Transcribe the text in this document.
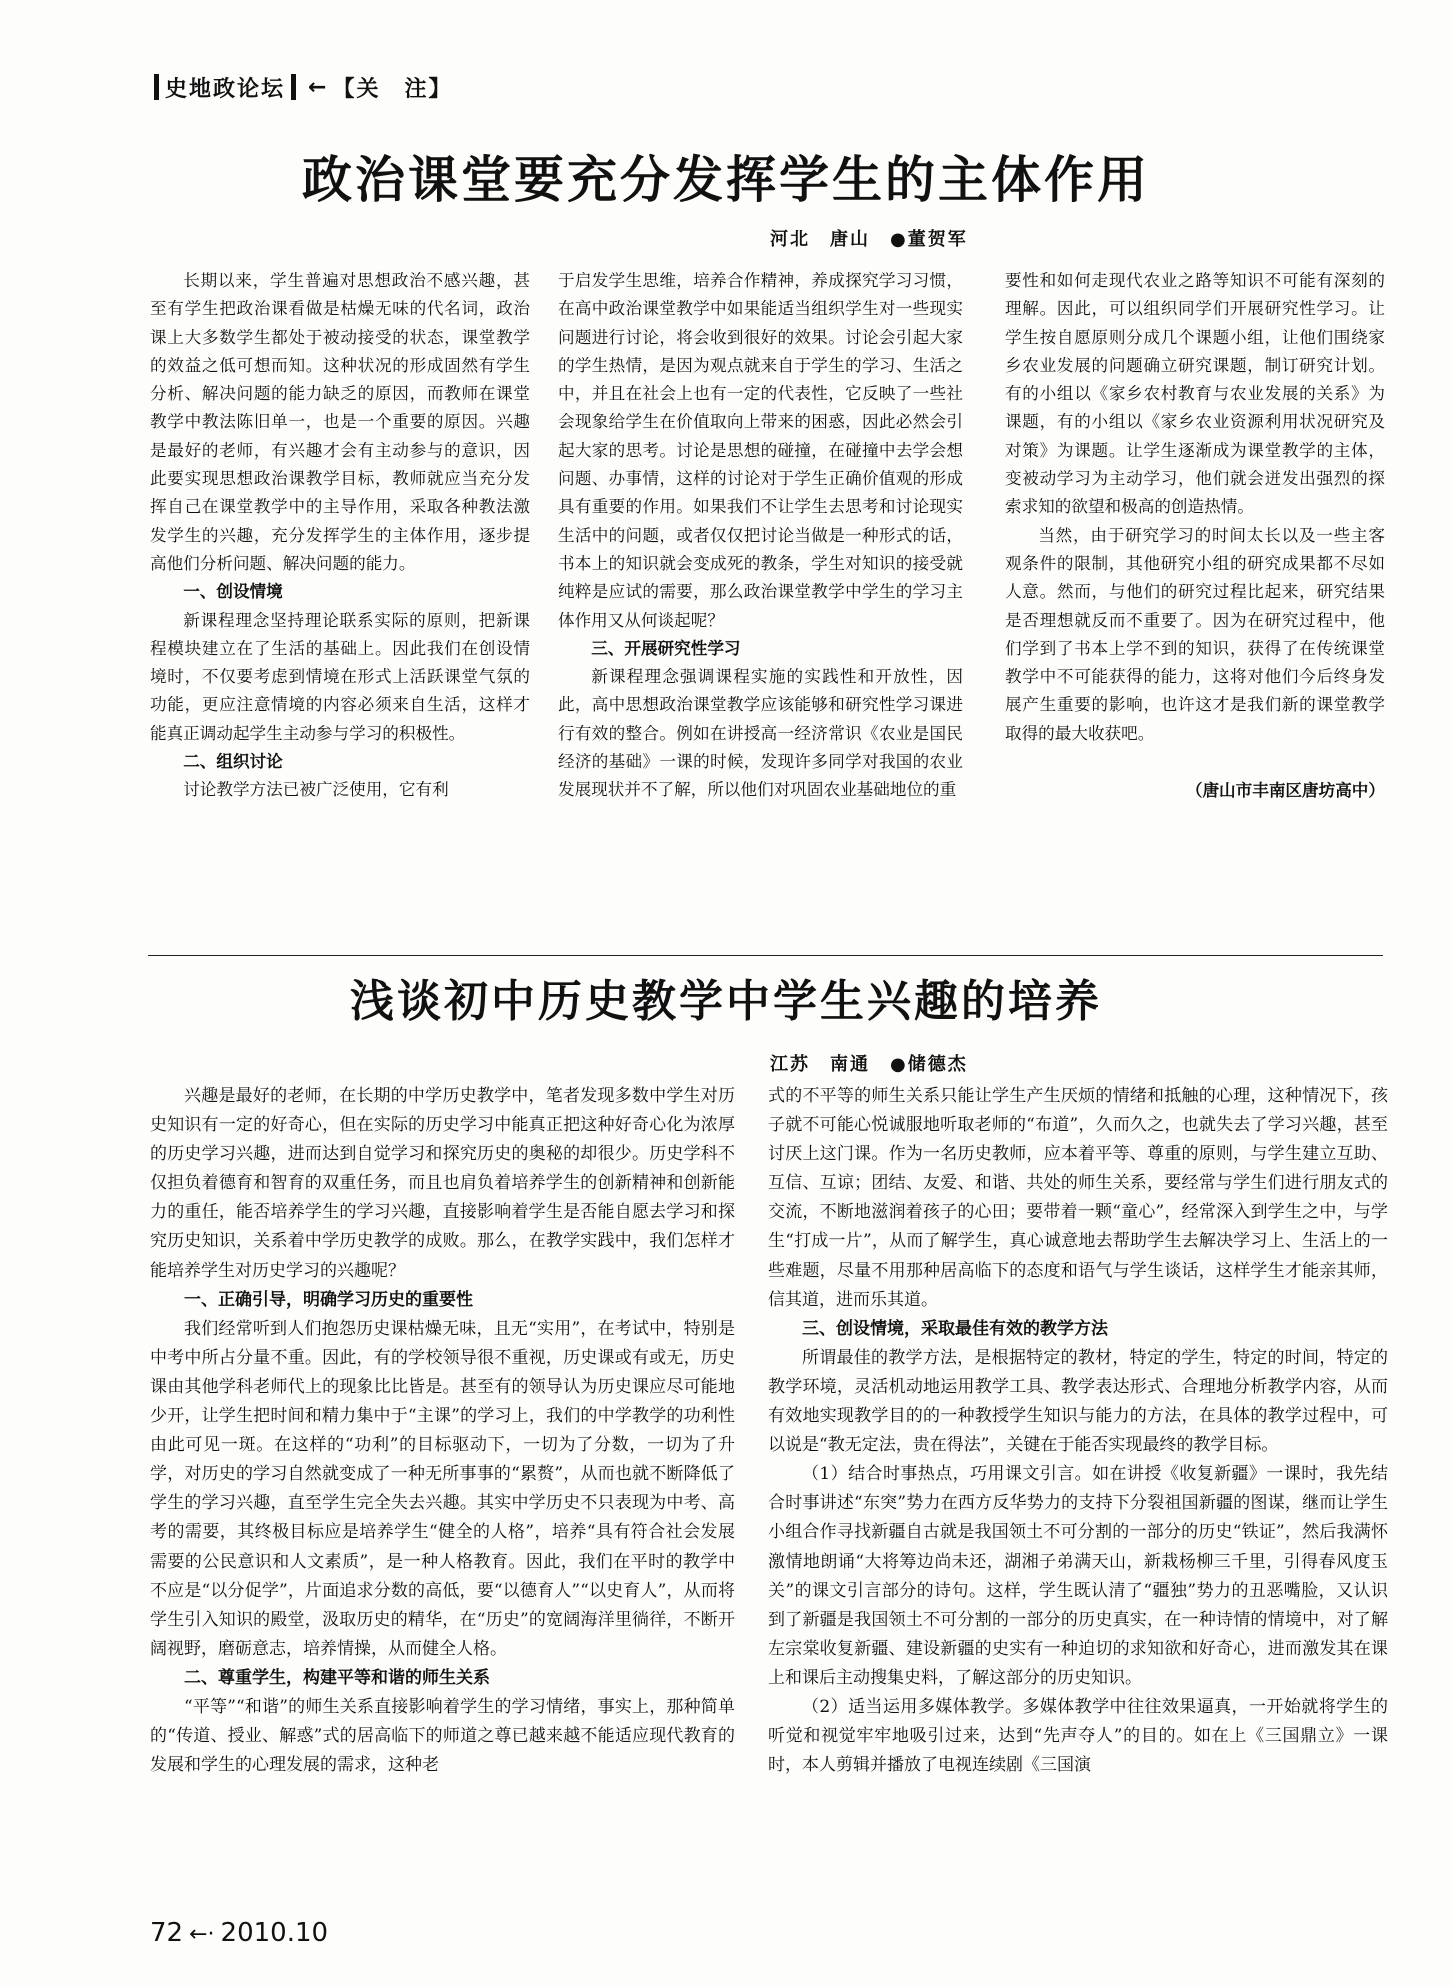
史地政论坛 ← 【关　注】
政治课堂要充分发挥学生的主体作用
河北　唐山　●董贺军

长期以来，学生普遍对思想政治不感兴趣，甚至有学生把政治课看做是枯燥无味的代名词，政治课上大多数学生都处于被动接受的状态，课堂教学的效益之低可想而知。这种状况的形成固然有学生分析、解决问题的能力缺乏的原因，而教师在课堂教学中教法陈旧单一，也是一个重要的原因。兴趣是最好的老师，有兴趣才会有主动参与的意识，因此要实现思想政治课教学目标，教师就应当充分发挥自己在课堂教学中的主导作用，采取各种教法激发学生的兴趣，充分发挥学生的主体作用，逐步提高他们分析问题、解决问题的能力。

一、创设情境

新课程理念坚持理论联系实际的原则，把新课程模块建立在了生活的基础上。因此我们在创设情境时，不仅要考虑到情境在形式上活跃课堂气氛的功能，更应注意情境的内容必须来自生活，这样才能真正调动起学生主动参与学习的积极性。

二、组织讨论

讨论教学方法已被广泛使用，它有利

于启发学生思维，培养合作精神，养成探究学习习惯，在高中政治课堂教学中如果能适当组织学生对一些现实问题进行讨论，将会收到很好的效果。讨论会引起大家的学生热情，是因为观点就来自于学生的学习、生活之中，并且在社会上也有一定的代表性，它反映了一些社会现象给学生在价值取向上带来的困惑，因此必然会引起大家的思考。讨论是思想的碰撞，在碰撞中去学会想问题、办事情，这样的讨论对于学生正确价值观的形成具有重要的作用。如果我们不让学生去思考和讨论现实生活中的问题，或者仅仅把讨论当做是一种形式的话，书本上的知识就会变成死的教条，学生对知识的接受就纯粹是应试的需要，那么政治课堂教学中学生的学习主体作用又从何谈起呢？

三、开展研究性学习

新课程理念强调课程实施的实践性和开放性，因此，高中思想政治课堂教学应该能够和研究性学习课进行有效的整合。例如在讲授高一经济常识《农业是国民经济的基础》一课的时候，发现许多同学对我国的农业发展现状并不了解，所以他们对巩固农业基础地位的重

要性和如何走现代农业之路等知识不可能有深刻的理解。因此，可以组织同学们开展研究性学习。让学生按自愿原则分成几个课题小组，让他们围绕家乡农业发展的问题确立研究课题，制订研究计划。有的小组以《家乡农村教育与农业发展的关系》为课题，有的小组以《家乡农业资源利用状况研究及对策》为课题。让学生逐渐成为课堂教学的主体，变被动学习为主动学习，他们就会迸发出强烈的探索求知的欲望和极高的创造热情。

当然，由于研究学习的时间太长以及一些主客观条件的限制，其他研究小组的研究成果都不尽如人意。然而，与他们的研究过程比起来，研究结果是否理想就反而不重要了。因为在研究过程中，他们学到了书本上学不到的知识，获得了在传统课堂教学中不可能获得的能力，这将对他们今后终身发展产生重要的影响，也许这才是我们新的课堂教学取得的最大收获吧。

（唐山市丰南区唐坊高中）

浅谈初中历史教学中学生兴趣的培养
江苏　南通　●储德杰

兴趣是最好的老师，在长期的中学历史教学中，笔者发现多数中学生对历史知识有一定的好奇心，但在实际的历史学习中能真正把这种好奇心化为浓厚的历史学习兴趣，进而达到自觉学习和探究历史的奥秘的却很少。历史学科不仅担负着德育和智育的双重任务，而且也肩负着培养学生的创新精神和创新能力的重任，能否培养学生的学习兴趣，直接影响着学生是否能自愿去学习和探究历史知识，关系着中学历史教学的成败。那么，在教学实践中，我们怎样才能培养学生对历史学习的兴趣呢？

一、正确引导，明确学习历史的重要性

我们经常听到人们抱怨历史课枯燥无味，且无“实用”，在考试中，特别是中考中所占分量不重。因此，有的学校领导很不重视，历史课或有或无，历史课由其他学科老师代上的现象比比皆是。甚至有的领导认为历史课应尽可能地少开，让学生把时间和精力集中于“主课”的学习上，我们的中学教学的功利性由此可见一斑。在这样的“功利”的目标驱动下，一切为了分数，一切为了升学，对历史的学习自然就变成了一种无所事事的“累赘”，从而也就不断降低了学生的学习兴趣，直至学生完全失去兴趣。其实中学历史不只表现为中考、高考的需要，其终极目标应是培养学生“健全的人格”，培养“具有符合社会发展需要的公民意识和人文素质”，是一种人格教育。因此，我们在平时的教学中不应是“以分促学”，片面追求分数的高低，要“以德育人”“以史育人”，从而将学生引入知识的殿堂，汲取历史的精华，在“历史”的宽阔海洋里徜徉，不断开阔视野，磨砺意志，培养情操，从而健全人格。

二、尊重学生，构建平等和谐的师生关系

“平等”“和谐”的师生关系直接影响着学生的学习情绪，事实上，那种简单的“传道、授业、解惑”式的居高临下的师道之尊已越来越不能适应现代教育的发展和学生的心理发展的需求，这种老

式的不平等的师生关系只能让学生产生厌烦的情绪和抵触的心理，这种情况下，孩子就不可能心悦诚服地听取老师的“布道”，久而久之，也就失去了学习兴趣，甚至讨厌上这门课。作为一名历史教师，应本着平等、尊重的原则，与学生建立互助、互信、互谅；团结、友爱、和谐、共处的师生关系，要经常与学生们进行朋友式的交流，不断地滋润着孩子的心田；要带着一颗“童心”，经常深入到学生之中，与学生“打成一片”，从而了解学生，真心诚意地去帮助学生去解决学习上、生活上的一些难题，尽量不用那种居高临下的态度和语气与学生谈话，这样学生才能亲其师，信其道，进而乐其道。

三、创设情境，采取最佳有效的教学方法

所谓最佳的教学方法，是根据特定的教材，特定的学生，特定的时间，特定的教学环境，灵活机动地运用教学工具、教学表达形式、合理地分析教学内容，从而有效地实现教学目的的一种教授学生知识与能力的方法，在具体的教学过程中，可以说是“教无定法，贵在得法”，关键在于能否实现最终的教学目标。

（1）结合时事热点，巧用课文引言。如在讲授《收复新疆》一课时，我先结合时事讲述“东突”势力在西方反华势力的支持下分裂祖国新疆的图谋，继而让学生小组合作寻找新疆自古就是我国领土不可分割的一部分的历史“铁证”，然后我满怀激情地朗诵“大将筹边尚未还，湖湘子弟满天山，新栽杨柳三千里，引得春风度玉关”的课文引言部分的诗句。这样，学生既认清了“疆独”势力的丑恶嘴脸，又认识到了新疆是我国领土不可分割的一部分的历史真实，在一种诗情的情境中，对了解左宗棠收复新疆、建设新疆的史实有一种迫切的求知欲和好奇心，进而激发其在课上和课后主动搜集史料，了解这部分的历史知识。

（2）适当运用多媒体教学。多媒体教学中往往效果逼真，一开始就将学生的听觉和视觉牢牢地吸引过来，达到“先声夺人”的目的。如在上《三国鼎立》一课时，本人剪辑并播放了电视连续剧《三国演

72 ←· 2010.10
